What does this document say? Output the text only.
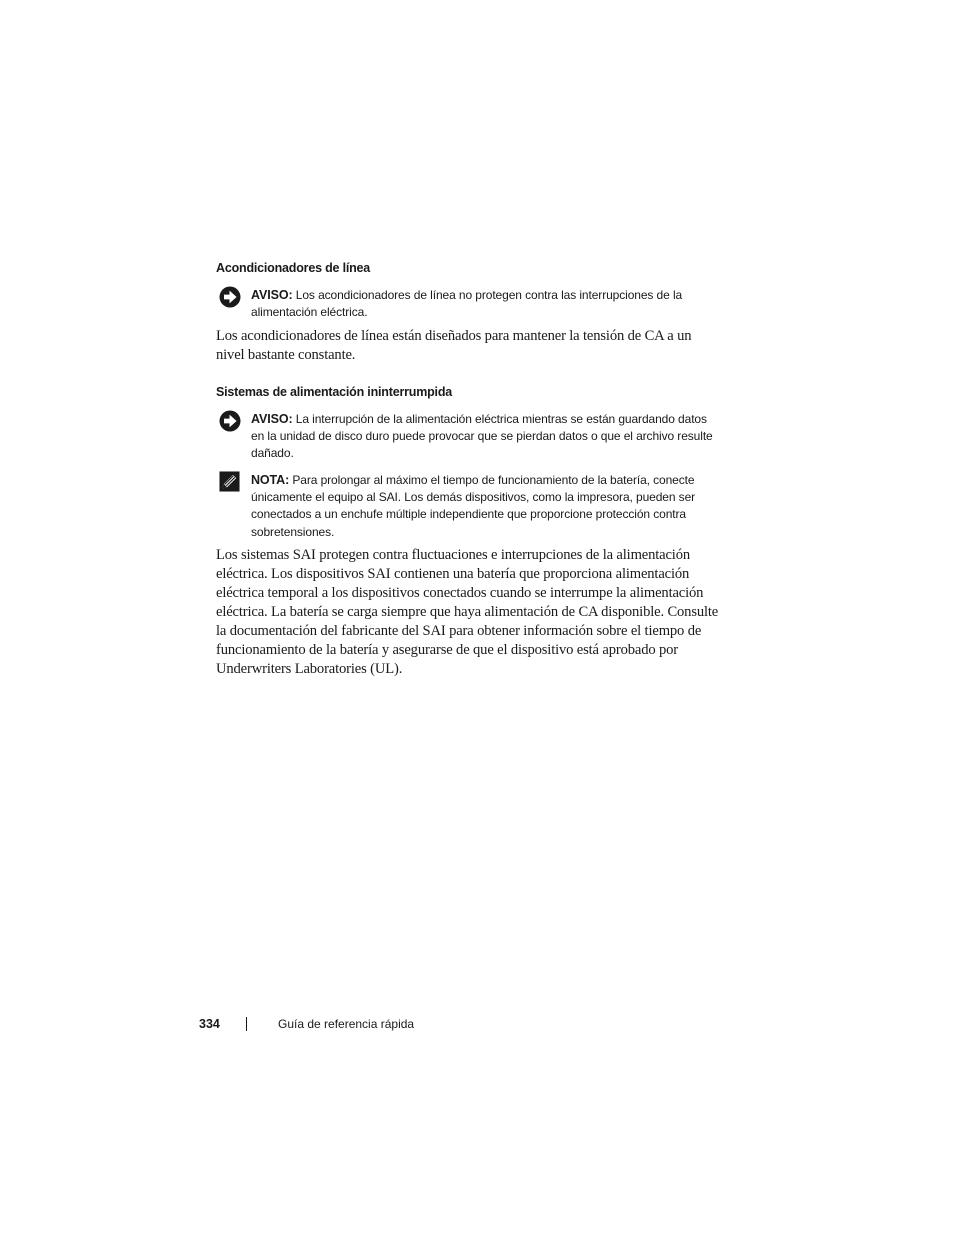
Acondicionadores de línea
AVISO: Los acondicionadores de línea no protegen contra las interrupciones de la alimentación eléctrica.
Los acondicionadores de línea están diseñados para mantener la tensión de CA a un nivel bastante constante.
Sistemas de alimentación ininterrumpida
AVISO: La interrupción de la alimentación eléctrica mientras se están guardando datos en la unidad de disco duro puede provocar que se pierdan datos o que el archivo resulte dañado.
NOTA: Para prolongar al máximo el tiempo de funcionamiento de la batería, conecte únicamente el equipo al SAI. Los demás dispositivos, como la impresora, pueden ser conectados a un enchufe múltiple independiente que proporcione protección contra sobretensiones.
Los sistemas SAI protegen contra fluctuaciones e interrupciones de la alimentación eléctrica. Los dispositivos SAI contienen una batería que proporciona alimentación eléctrica temporal a los dispositivos conectados cuando se interrumpe la alimentación eléctrica. La batería se carga siempre que haya alimentación de CA disponible. Consulte la documentación del fabricante del SAI para obtener información sobre el tiempo de funcionamiento de la batería y asegurarse de que el dispositivo está aprobado por Underwriters Laboratories (UL).
334	Guía de referencia rápida
